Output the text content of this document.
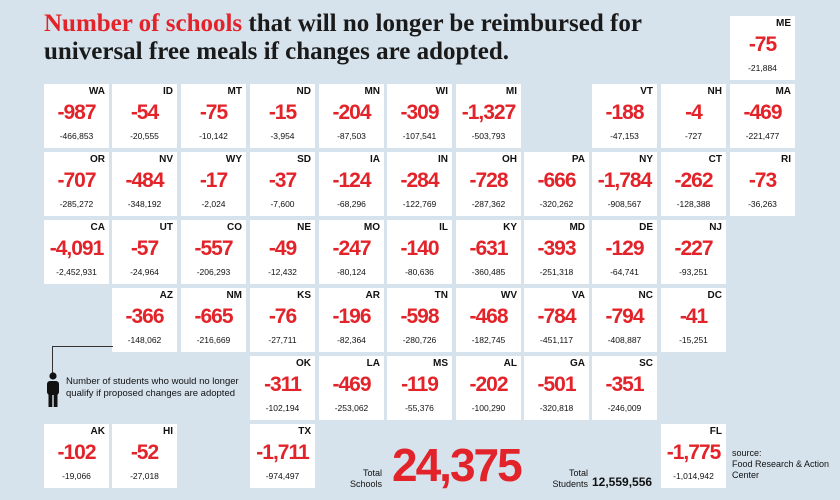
Number of schools that will no longer be reimbursed for universal free meals if changes are adopted.
ME
-75
-21,884
WA
-987
-466,853
ID
-54
-20,555
MT
-75
-10,142
ND
-15
-3,954
MN
-204
-87,503
WI
-309
-107,541
MI
-1,327
-503,793
VT
-188
-47,153
NH
-4
-727
MA
-469
-221,477
OR
-707
-285,272
NV
-484
-348,192
WY
-17
-2,024
SD
-37
-7,600
IA
-124
-68,296
IN
-284
-122,769
OH
-728
-287,362
PA
-666
-320,262
NY
-1,784
-908,567
CT
-262
-128,388
RI
-73
-36,263
CA
-4,091
-2,452,931
UT
-57
-24,964
CO
-557
-206,293
NE
-49
-12,432
MO
-247
-80,124
IL
-140
-80,636
KY
-631
-360,485
MD
-393
-251,318
DE
-129
-64,741
NJ
-227
-93,251
AZ
-366
-148,062
NM
-665
-216,669
KS
-76
-27,711
AR
-196
-82,364
TN
-598
-280,726
WV
-468
-182,745
VA
-784
-451,117
NC
-794
-408,887
DC
-41
-15,251
OK
-311
-102,194
LA
-469
-253,062
MS
-119
-55,376
AL
-202
-100,290
GA
-501
-320,818
SC
-351
-246,009
AK
-102
-19,066
HI
-52
-27,018
TX
-1,711
-974,497
FL
-1,775
-1,014,942
Number of students who would no longer qualify if proposed changes are adopted
Total Schools 24,375	Total Students 12,559,556
source:
Food Research & Action Center
